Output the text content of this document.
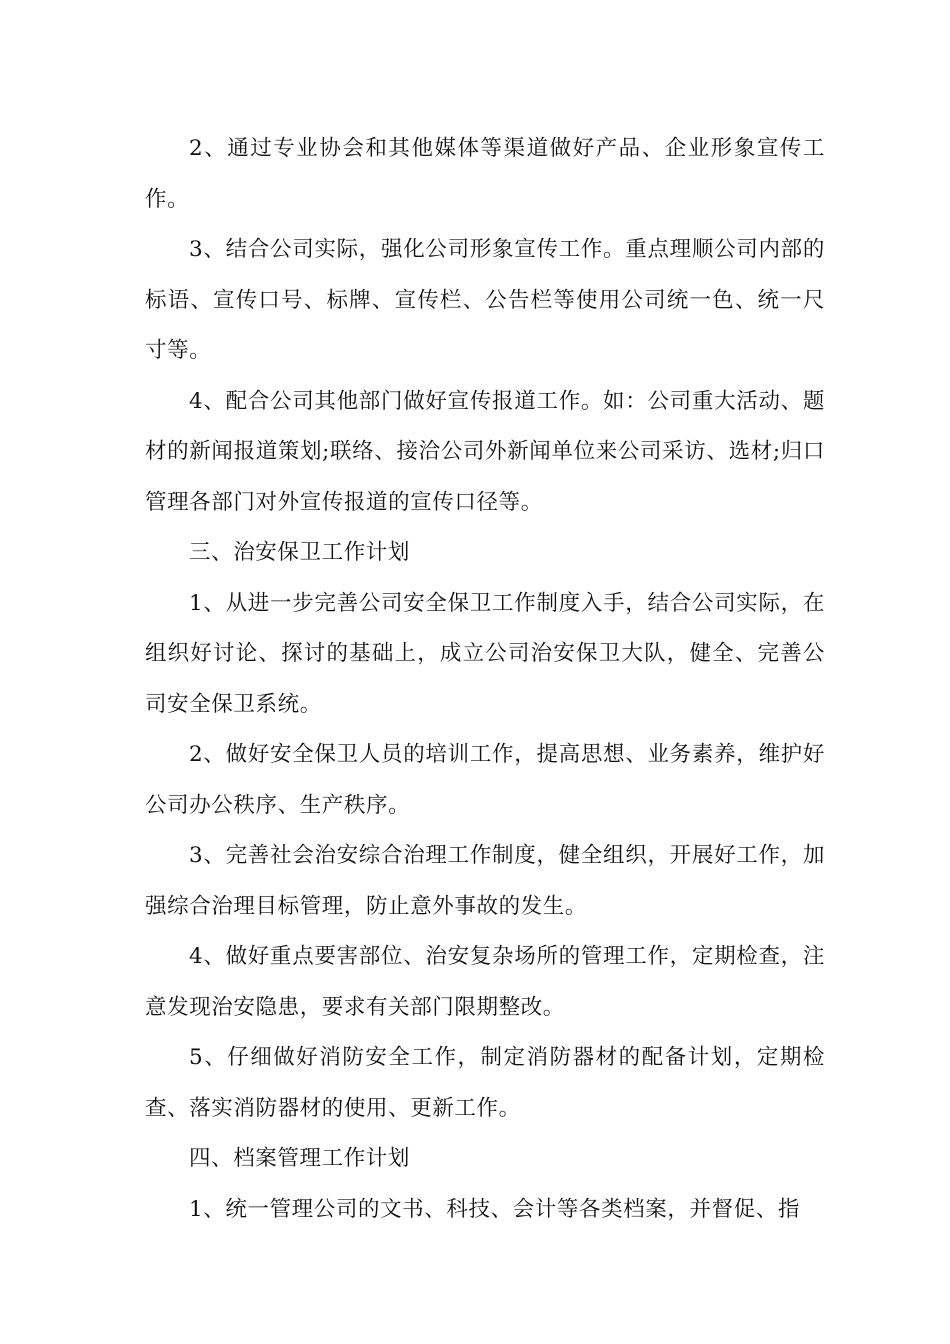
2、通过专业协会和其他媒体等渠道做好产品、企业形象宣传工作。

3、结合公司实际，强化公司形象宣传工作。重点理顺公司内部的标语、宣传口号、标牌、宣传栏、公告栏等使用公司统一色、统一尺寸等。

4、配合公司其他部门做好宣传报道工作。如：公司重大活动、题材的新闻报道策划;联络、接洽公司外新闻单位来公司采访、选材;归口管理各部门对外宣传报道的宣传口径等。

三、治安保卫工作计划

1、从进一步完善公司安全保卫工作制度入手，结合公司实际，在组织好讨论、探讨的基础上，成立公司治安保卫大队，健全、完善公司安全保卫系统。

2、做好安全保卫人员的培训工作，提高思想、业务素养，维护好公司办公秩序、生产秩序。

3、完善社会治安综合治理工作制度，健全组织，开展好工作，加强综合治理目标管理，防止意外事故的发生。

4、做好重点要害部位、治安复杂场所的管理工作，定期检查，注意发现治安隐患，要求有关部门限期整改。

5、仔细做好消防安全工作，制定消防器材的配备计划，定期检查、落实消防器材的使用、更新工作。

四、档案管理工作计划

1、统一管理公司的文书、科技、会计等各类档案，并督促、指
